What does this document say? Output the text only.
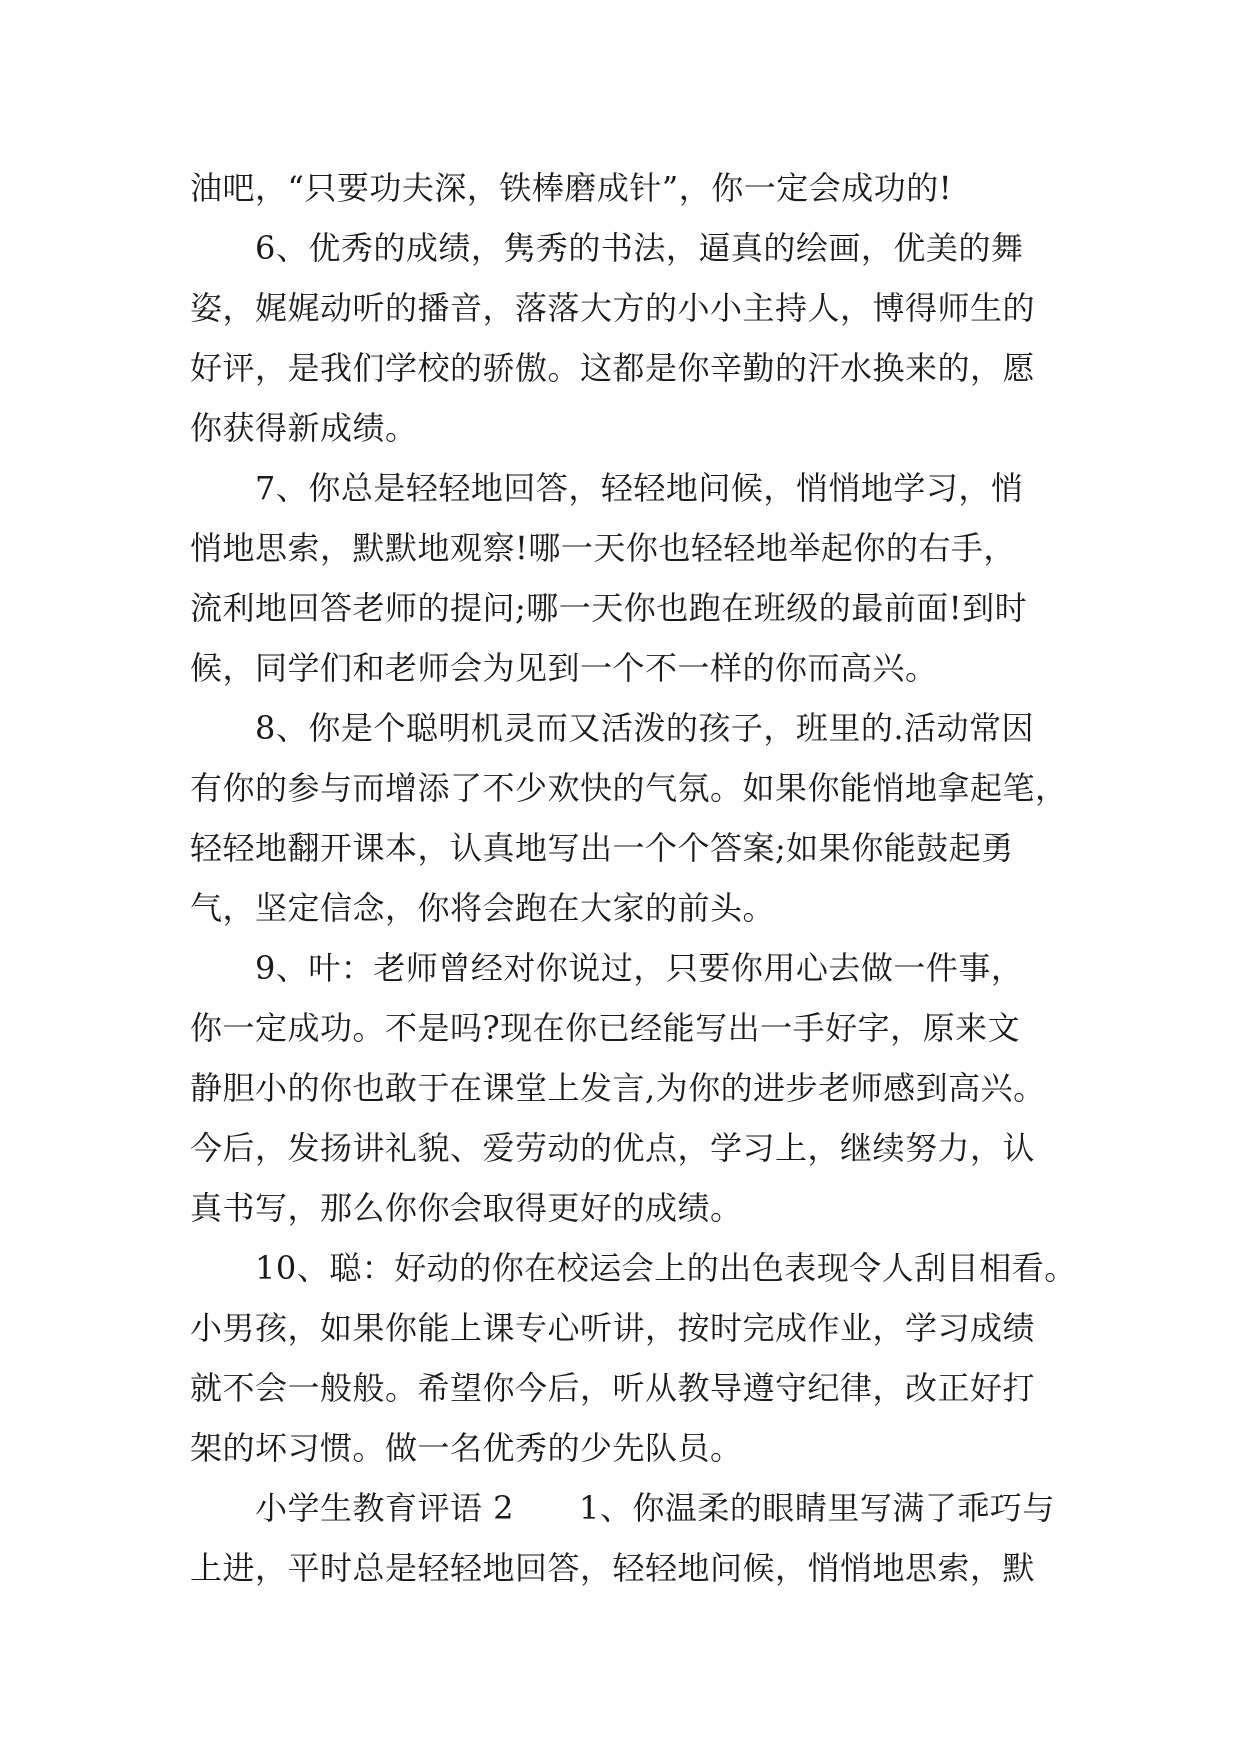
油吧，“只要功夫深，铁棒磨成针”，你一定会成功的!
6、优秀的成绩，隽秀的书法，逼真的绘画，优美的舞
姿，娓娓动听的播音，落落大方的小小主持人，博得师生的
好评，是我们学校的骄傲。这都是你辛勤的汗水换来的，愿
你获得新成绩。
7、你总是轻轻地回答，轻轻地问候，悄悄地学习，悄
悄地思索，默默地观察!哪一天你也轻轻地举起你的右手，
流利地回答老师的提问;哪一天你也跑在班级的最前面!到时
候，同学们和老师会为见到一个不一样的你而高兴。
8、你是个聪明机灵而又活泼的孩子，班里的.活动常因
有你的参与而增添了不少欢快的气氛。如果你能悄地拿起笔，
轻轻地翻开课本，认真地写出一个个答案;如果你能鼓起勇
气，坚定信念，你将会跑在大家的前头。
9、叶：老师曾经对你说过，只要你用心去做一件事，
你一定成功。不是吗?现在你已经能写出一手好字，原来文
静胆小的你也敢于在课堂上发言,为你的进步老师感到高兴。
今后，发扬讲礼貌、爱劳动的优点，学习上，继续努力，认
真书写，那么你你会取得更好的成绩。
10、聪：好动的你在校运会上的出色表现令人刮目相看。
小男孩，如果你能上课专心听讲，按时完成作业，学习成绩
就不会一般般。希望你今后，听从教导遵守纪律，改正好打
架的坏习惯。做一名优秀的少先队员。
小学生教育评语 2　　1、你温柔的眼睛里写满了乖巧与
上进，平时总是轻轻地回答，轻轻地问候，悄悄地思索，默
